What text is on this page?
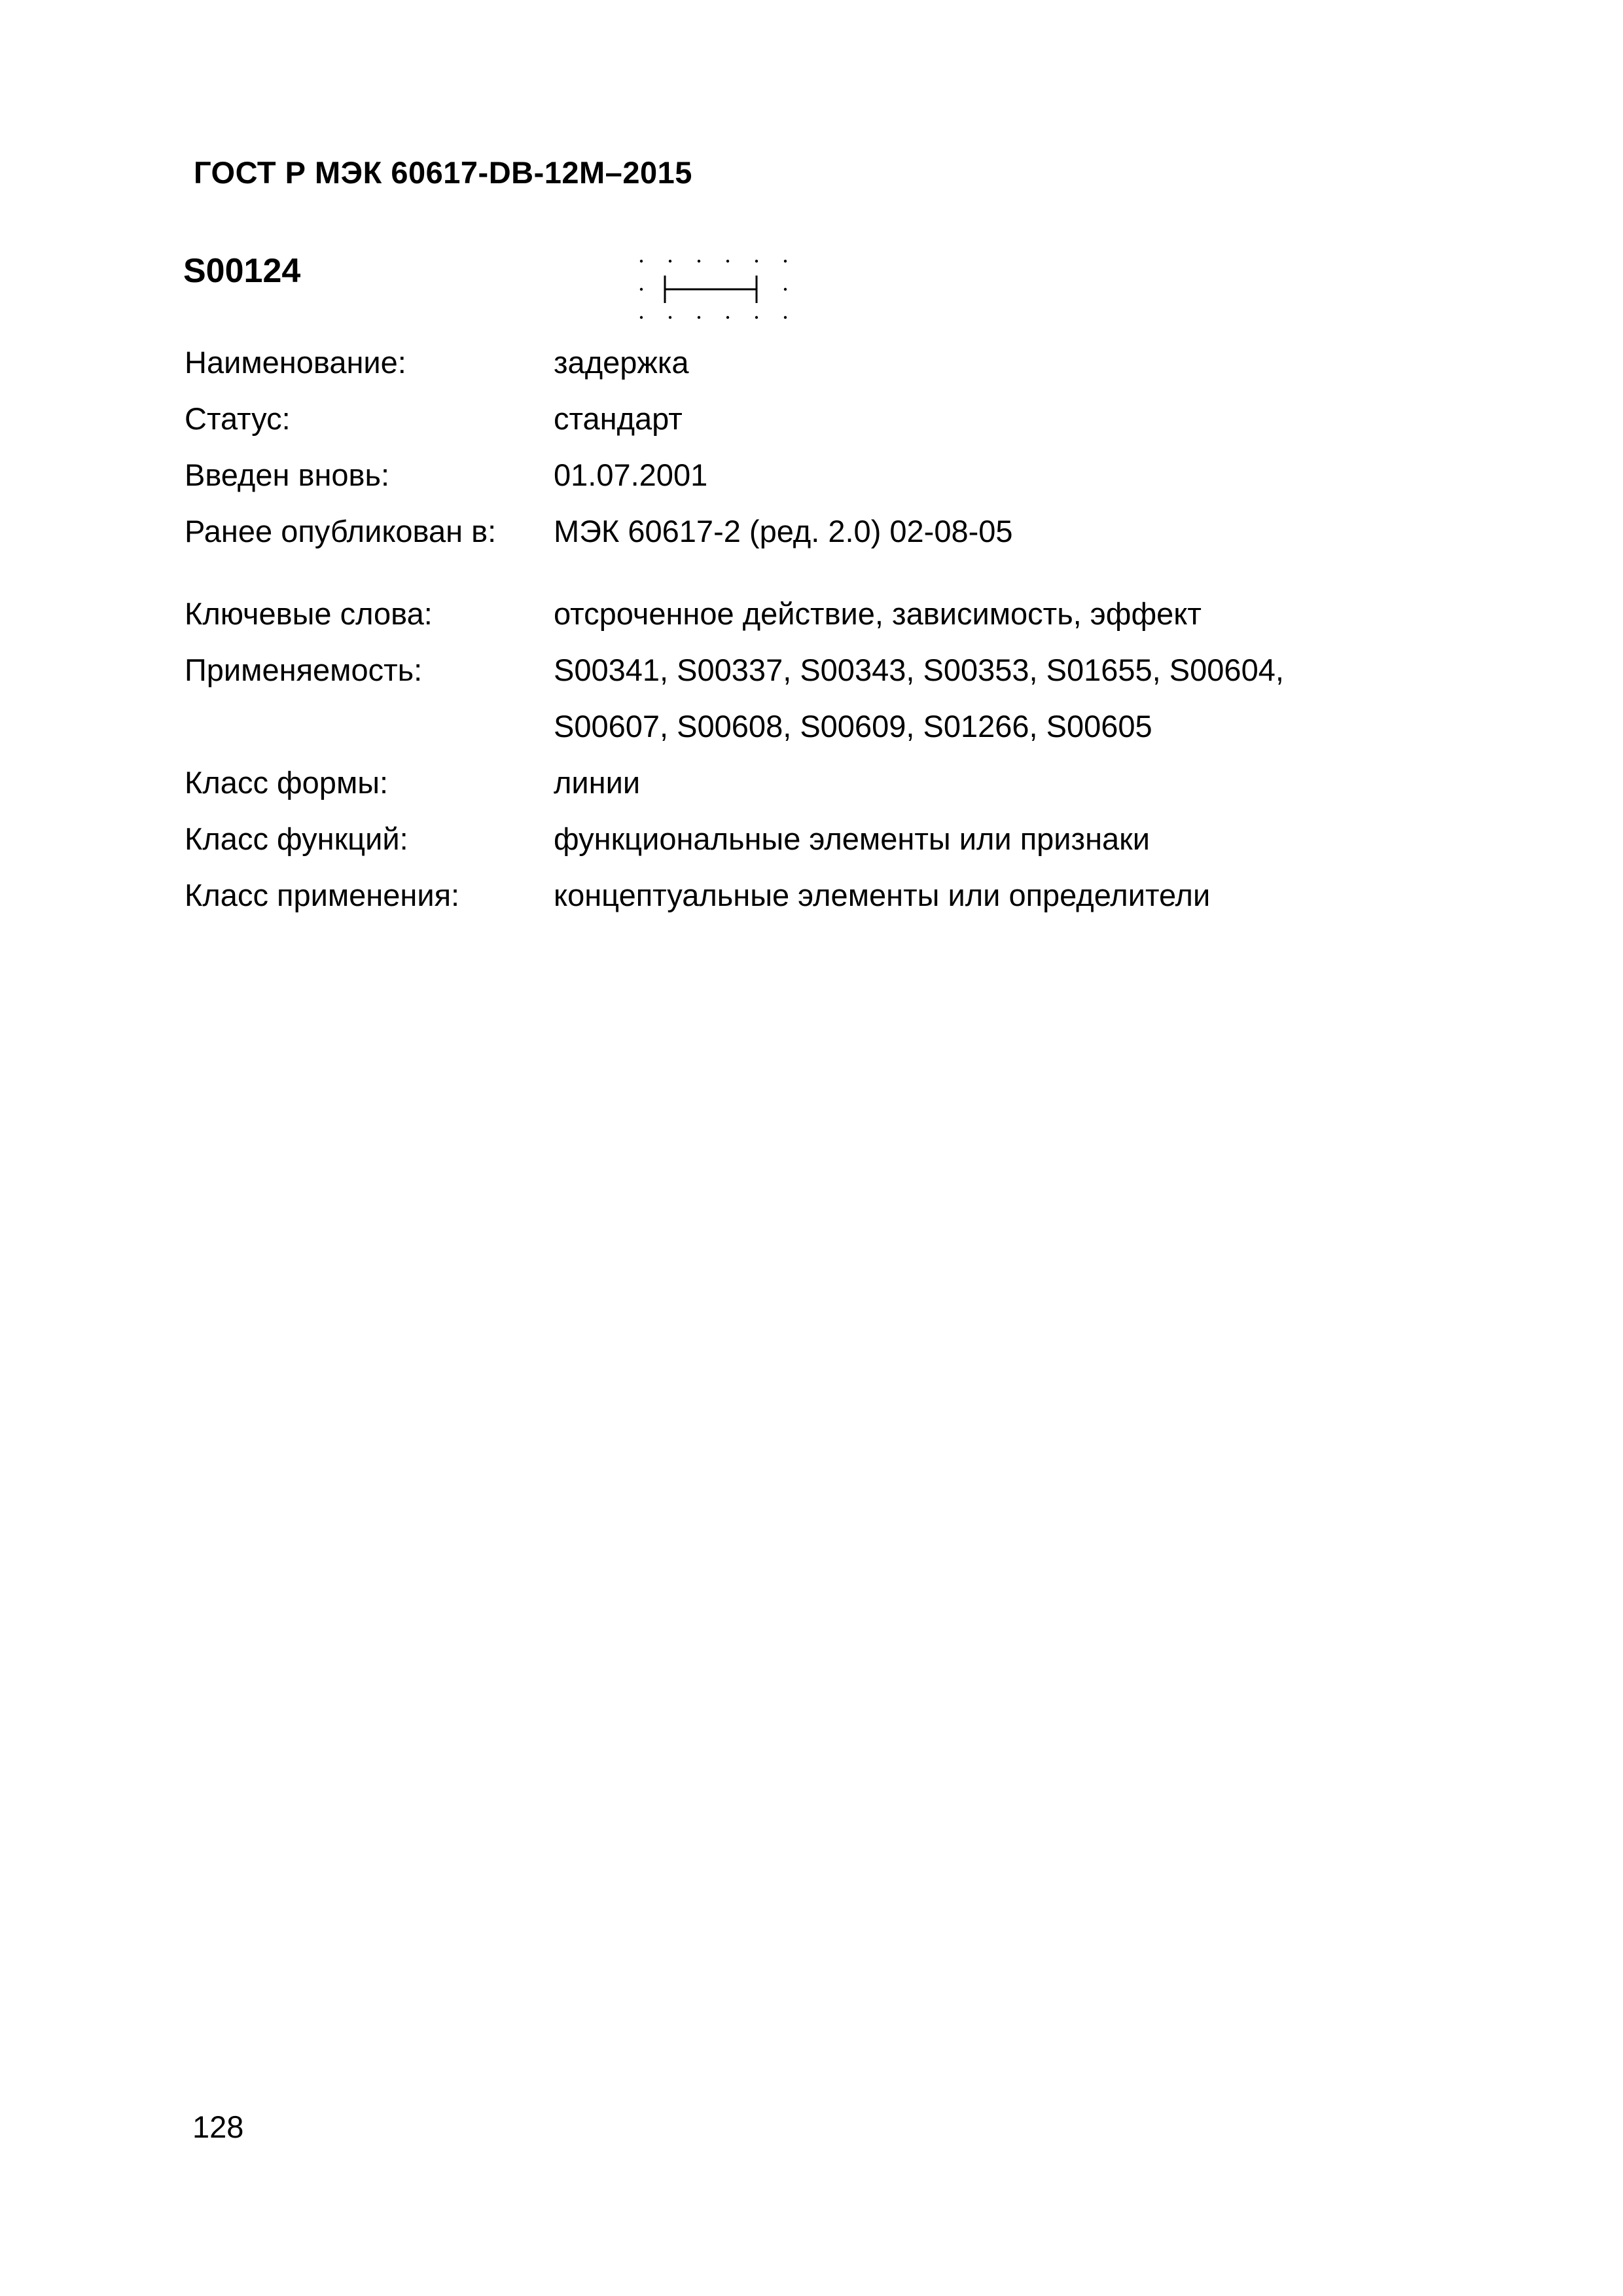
ГОСТ Р МЭК 60617-DB-12M–2015
S00124
Наименование:	задержка
Статус:	стандарт
Введен вновь:	01.07.2001
Ранее опубликован в: МЭК 60617-2 (ред. 2.0) 02-08-05
Ключевые слова:	отсроченное действие, зависимость, эффект
Применяемость:	S00341, S00337, S00343, S00353, S01655, S00604,
S00607, S00608, S00609, S01266, S00605
Класс формы:	линии
Класс функций:	функциональные элементы или признаки
Класс применения:	концептуальные элементы или определители
128
